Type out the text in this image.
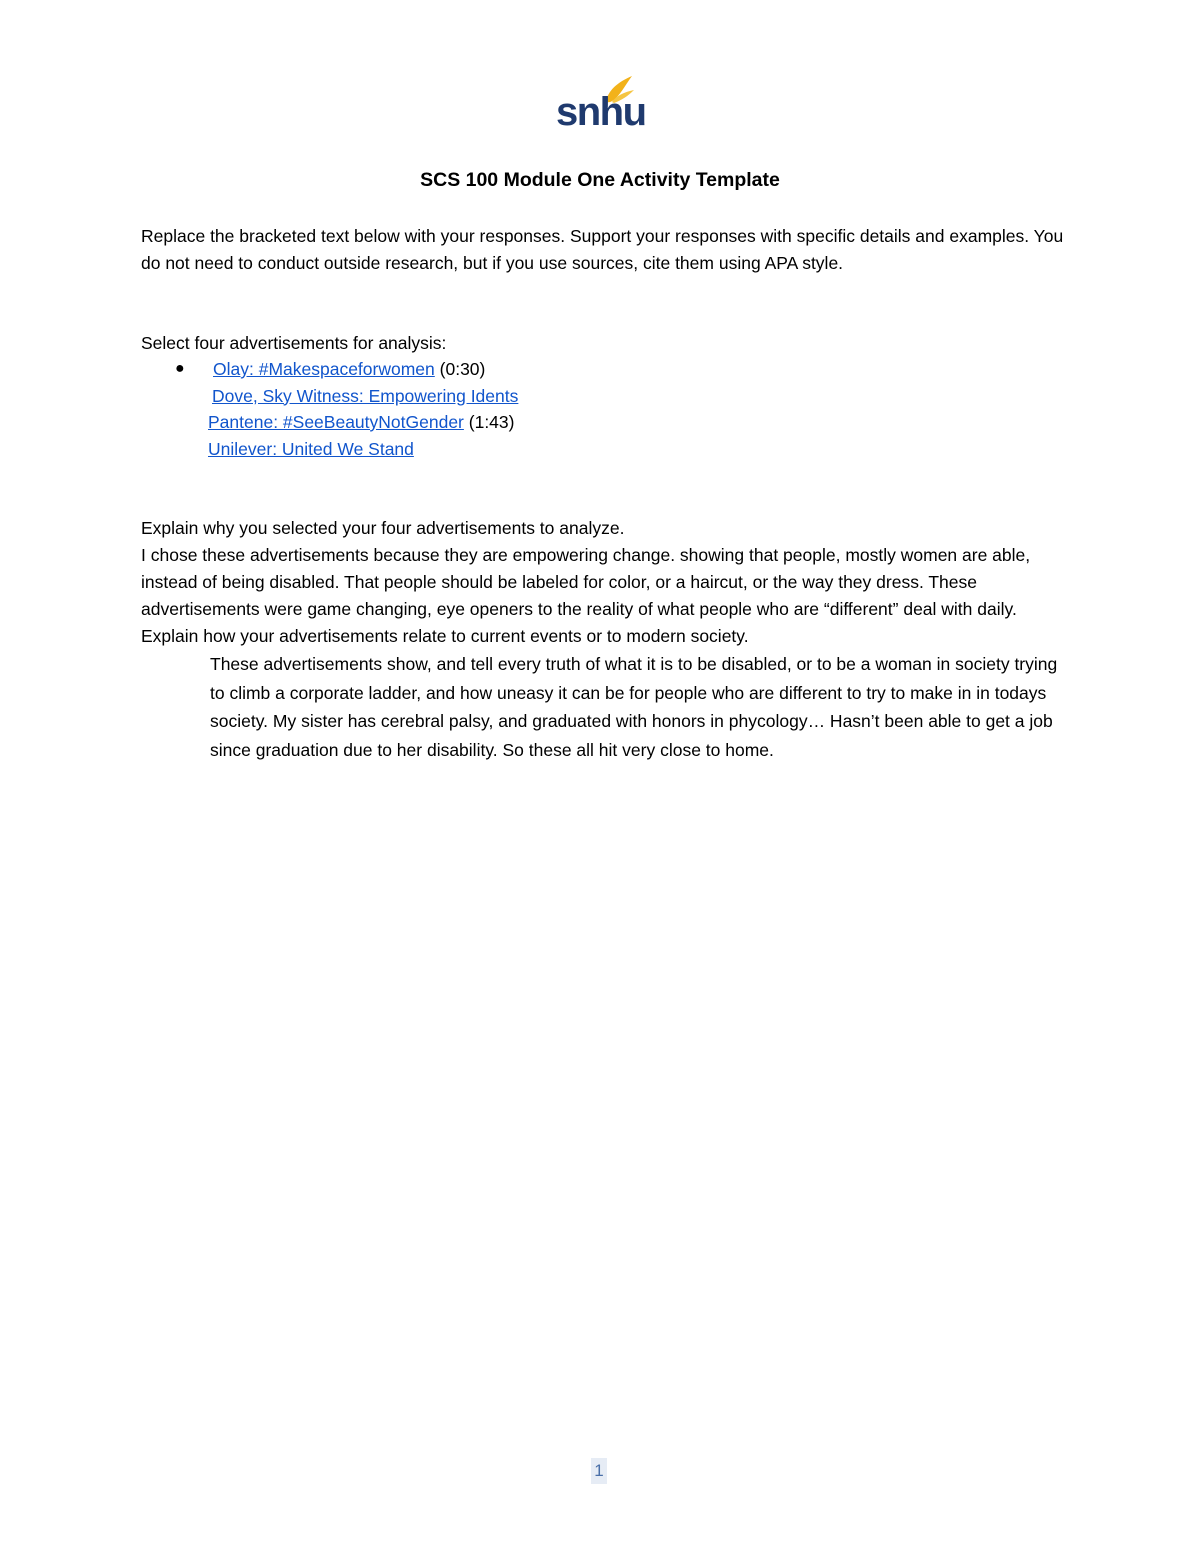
snhu
SCS 100 Module One Activity Template

Replace the bracketed text below with your responses. Support your responses with specific details and examples. You do not need to conduct outside research, but if you use sources, cite them using APA style.

Select four advertisements for analysis:
● Olay: #Makespaceforwomen (0:30)
Dove, Sky Witness: Empowering Idents
Pantene: #SeeBeautyNotGender (1:43)
Unilever: United We Stand

Explain why you selected your four advertisements to analyze.

I chose these advertisements because they are empowering change. showing that people, mostly women are able, instead of being disabled. That people should be labeled for color, or a haircut, or the way they dress. These advertisements were game changing, eye openers to the reality of what people who are “different” deal with daily.

Explain how your advertisements relate to current events or to modern society.

These advertisements show, and tell every truth of what it is to be disabled, or to be a woman in society trying to climb a corporate ladder, and how uneasy it can be for people who are different to try to make in in todays society. My sister has cerebral palsy, and graduated with honors in phycology… Hasn’t been able to get a job since graduation due to her disability. So these all hit very close to home.

1
